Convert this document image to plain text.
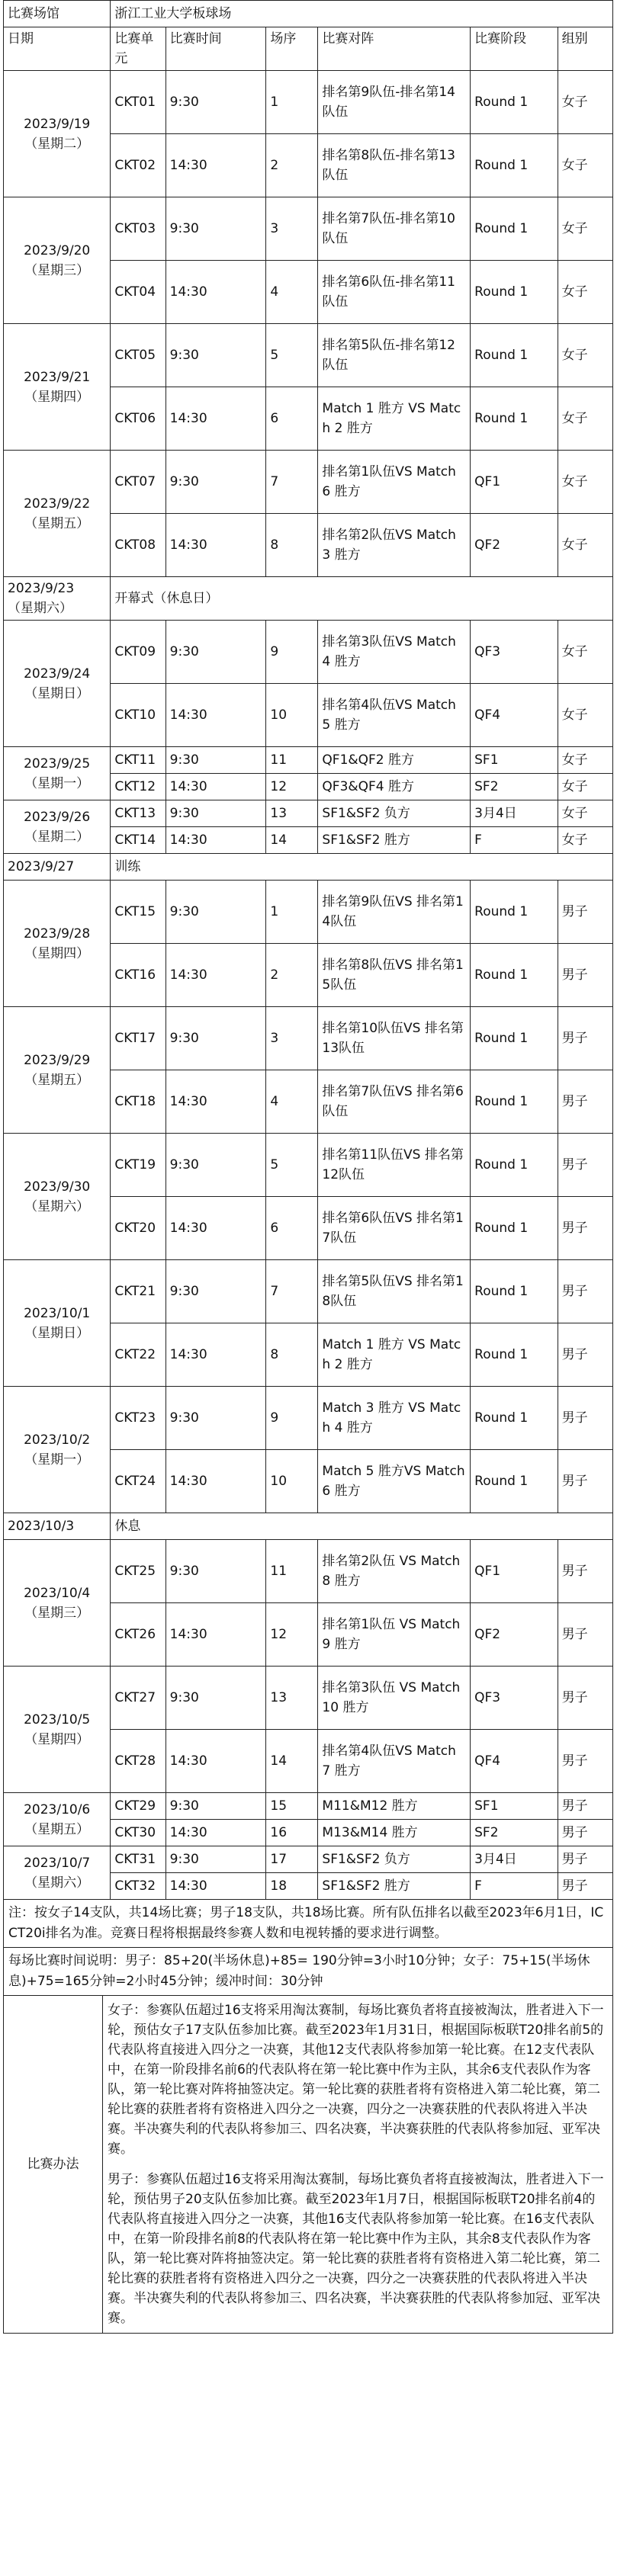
比赛场馆	浙江工业大学板球场					
日期	比赛单元	比赛时间	场序	比赛对阵	比赛阶段	组别
2023/9/19
（星期二）	CKT01	9:30	1	排名第9队伍-排名第14队伍	Round 1	女子
	CKT02	14:30	2	排名第8队伍-排名第13队伍	Round 1	女子
2023/9/20
（星期三）	CKT03	9:30	3	排名第7队伍-排名第10队伍	Round 1	女子
	CKT04	14:30	4	排名第6队伍-排名第11队伍	Round 1	女子
2023/9/21
（星期四）	CKT05	9:30	5	排名第5队伍-排名第12队伍	Round 1	女子
	CKT06	14:30	6	Match 1 胜方 VS Match 2 胜方	Round 1	女子
2023/9/22
（星期五）	CKT07	9:30	7	排名第1队伍VS Match 6 胜方	QF1	女子
	CKT08	14:30	8	排名第2队伍VS Match 3 胜方	QF2	女子
2023/9/23
（星期六）	开幕式（休息日）					
2023/9/24
（星期日）	CKT09	9:30	9	排名第3队伍VS Match 4 胜方	QF3	女子
	CKT10	14:30	10	排名第4队伍VS Match 5 胜方	QF4	女子
2023/9/25
（星期一）	CKT11	9:30	11	QF1&QF2 胜方	SF1	女子
	CKT12	14:30	12	QF3&QF4 胜方	SF2	女子
2023/9/26
（星期二）	CKT13	9:30	13	SF1&SF2 负方	3月4日	女子
	CKT14	14:30	14	SF1&SF2 胜方	F	女子
2023/9/27	训练					
2023/9/28
（星期四）	CKT15	9:30	1	排名第9队伍VS 排名第14队伍	Round 1	男子
	CKT16	14:30	2	排名第8队伍VS 排名第15队伍	Round 1	男子
2023/9/29
（星期五）	CKT17	9:30	3	排名第10队伍VS 排名第13队伍	Round 1	男子
	CKT18	14:30	4	排名第7队伍VS 排名第6队伍	Round 1	男子
2023/9/30
（星期六）	CKT19	9:30	5	排名第11队伍VS 排名第12队伍	Round 1	男子
	CKT20	14:30	6	排名第6队伍VS 排名第17队伍	Round 1	男子
2023/10/1
（星期日）	CKT21	9:30	7	排名第5队伍VS 排名第18队伍	Round 1	男子
	CKT22	14:30	8	Match 1 胜方 VS Match 2 胜方	Round 1	男子
2023/10/2
（星期一）	CKT23	9:30	9	Match 3 胜方 VS Match 4 胜方	Round 1	男子
	CKT24	14:30	10	Match 5 胜方VS Match 6 胜方	Round 1	男子
2023/10/3	休息					
2023/10/4
（星期三）	CKT25	9:30	11	排名第2队伍 VS Match 8 胜方	QF1	男子
	CKT26	14:30	12	排名第1队伍 VS Match 9 胜方	QF2	男子
2023/10/5
（星期四）	CKT27	9:30	13	排名第3队伍 VS Match 10 胜方	QF3	男子
	CKT28	14:30	14	排名第4队伍VS Match 7 胜方	QF4	男子
2023/10/6
（星期五）	CKT29	9:30	15	M11&M12 胜方	SF1	男子
	CKT30	14:30	16	M13&M14 胜方	SF2	男子
2023/10/7
（星期六）	CKT31	9:30	17	SF1&SF2 负方	3月4日	男子
	CKT32	14:30	18	SF1&SF2 胜方	F	男子
注：按女子14支队，共14场比赛；男子18支队，共18场比赛。所有队伍排名以截至2023年6月1日，ICCT20i排名为准。竞赛日程将根据最终参赛人数和电视转播的要求进行调整。
每场比赛时间说明：男子：85+20(半场休息)+85= 190分钟=3小时10分钟；女子：75+15(半场休息)+75=165分钟=2小时45分钟；缓冲时间：30分钟
比赛办法	

女子：参赛队伍超过16支将采用淘汰赛制，每场比赛负者将直接被淘汰，胜者进入下一轮，预估女子17支队伍参加比赛。截至2023年1月31日，根据国际板联T20排名前5的代表队将直接进入四分之一决赛，其他12支代表队将参加第一轮比赛。在12支代表队中，在第一阶段排名前6的代表队将在第一轮比赛中作为主队，其余6支代表队作为客队，第一轮比赛对阵将抽签决定。第一轮比赛的获胜者将有资格进入第二轮比赛，第二轮比赛的获胜者将有资格进入四分之一决赛，四分之一决赛获胜的代表队将进入半决赛。半决赛失利的代表队将参加三、四名决赛，半决赛获胜的代表队将参加冠、亚军决赛。

男子：参赛队伍超过16支将采用淘汰赛制，每场比赛负者将直接被淘汰，胜者进入下一轮，预估男子20支队伍参加比赛。截至2023年1月7日，根据国际板联T20排名前4的代表队将直接进入四分之一决赛，其他16支代表队将参加第一轮比赛。在16支代表队中，在第一阶段排名前8的代表队将在第一轮比赛中作为主队，其余8支代表队作为客队，第一轮比赛对阵将抽签决定。第一轮比赛的获胜者将有资格进入第二轮比赛，第二轮比赛的获胜者将有资格进入四分之一决赛，四分之一决赛获胜的代表队将进入半决赛。半决赛失利的代表队将参加三、四名决赛，半决赛获胜的代表队将参加冠、亚军决赛。
